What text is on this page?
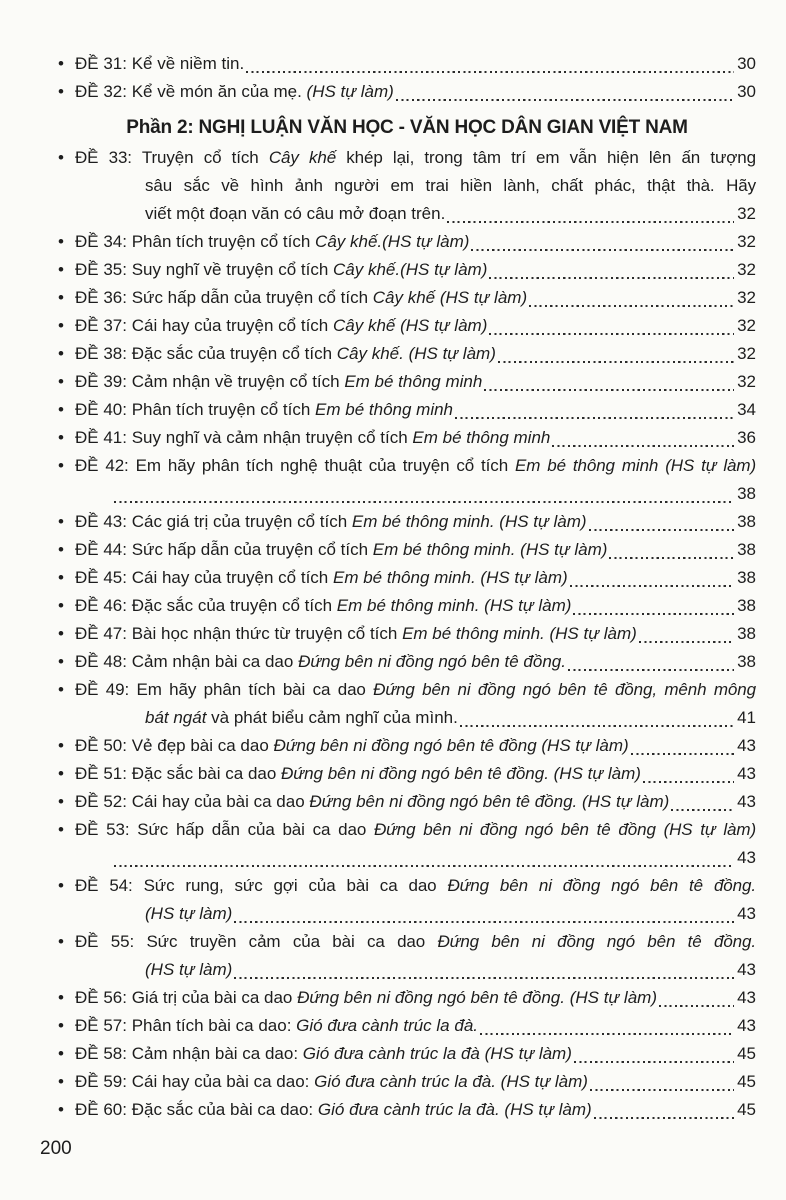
• ĐỀ 31: Kể về niềm tin.	30
• ĐỀ 32: Kể về món ăn của mẹ. (HS tự làm)	30
Phần 2: NGHỊ LUẬN VĂN HỌC - VĂN HỌC DÂN GIAN VIỆT NAM
• ĐỀ 33: Truyện cổ tích Cây khế khép lại, trong tâm trí em vẫn hiện lên ấn tượng
sâu sắc về hình ảnh người em trai hiền lành, chất phác, thật thà. Hãy
viết một đoạn văn có câu mở đoạn trên.	32
• ĐỀ 34: Phân tích truyện cổ tích Cây khế.(HS tự làm)	32
• ĐỀ 35: Suy nghĩ về truyện cổ tích Cây khế.(HS tự làm)	32
• ĐỀ 36: Sức hấp dẫn của truyện cổ tích Cây khế (HS tự làm)	32
• ĐỀ 37: Cái hay của truyện cổ tích Cây khế (HS tự làm)	32
• ĐỀ 38: Đặc sắc của truyện cổ tích Cây khế. (HS tự làm)	32
• ĐỀ 39: Cảm nhận về truyện cổ tích Em bé thông minh	32
• ĐỀ 40: Phân tích truyện cổ tích Em bé thông minh	34
• ĐỀ 41: Suy nghĩ và cảm nhận truyện cổ tích Em bé thông minh	36
• ĐỀ 42: Em hãy phân tích nghệ thuật của truyện cổ tích Em bé thông minh (HS tự làm)
38
• ĐỀ 43: Các giá trị của truyện cổ tích Em bé thông minh. (HS tự làm)	38
• ĐỀ 44: Sức hấp dẫn của truyện cổ tích Em bé thông minh. (HS tự làm)	38
• ĐỀ 45: Cái hay của truyện cổ tích Em bé thông minh. (HS tự làm)	38
• ĐỀ 46: Đặc sắc của truyện cổ tích Em bé thông minh. (HS tự làm)	38
• ĐỀ 47: Bài học nhận thức từ truyện cổ tích Em bé thông minh. (HS tự làm)	38
• ĐỀ 48: Cảm nhận bài ca dao Đứng bên ni đồng ngó bên tê đồng.	38
• ĐỀ 49: Em hãy phân tích bài ca dao Đứng bên ni đồng ngó bên tê đồng, mênh mông
bát ngát và phát biểu cảm nghĩ của mình.	41
• ĐỀ 50: Vẻ đẹp bài ca dao Đứng bên ni đồng ngó bên tê đồng (HS tự làm)	43
• ĐỀ 51: Đặc sắc bài ca dao Đứng bên ni đồng ngó bên tê đồng. (HS tự làm)	43
• ĐỀ 52: Cái hay của bài ca dao Đứng bên ni đồng ngó bên tê đồng. (HS tự làm)	43
• ĐỀ 53: Sức hấp dẫn của bài ca dao Đứng bên ni đồng ngó bên tê đồng (HS tự làm)
43
• ĐỀ 54: Sức rung, sức gợi của bài ca dao Đứng bên ni đồng ngó bên tê đồng.
(HS tự làm)	43
• ĐỀ 55: Sức truyền cảm của bài ca dao Đứng bên ni đồng ngó bên tê đồng.
(HS tự làm)	43
• ĐỀ 56: Giá trị của bài ca dao Đứng bên ni đồng ngó bên tê đồng. (HS tự làm)	43
• ĐỀ 57: Phân tích bài ca dao: Gió đưa cành trúc la đà.	43
• ĐỀ 58: Cảm nhận bài ca dao: Gió đưa cành trúc la đà (HS tự làm)	45
• ĐỀ 59: Cái hay của bài ca dao: Gió đưa cành trúc la đà. (HS tự làm)	45
• ĐỀ 60: Đặc sắc của bài ca dao: Gió đưa cành trúc la đà. (HS tự làm)	45
200
